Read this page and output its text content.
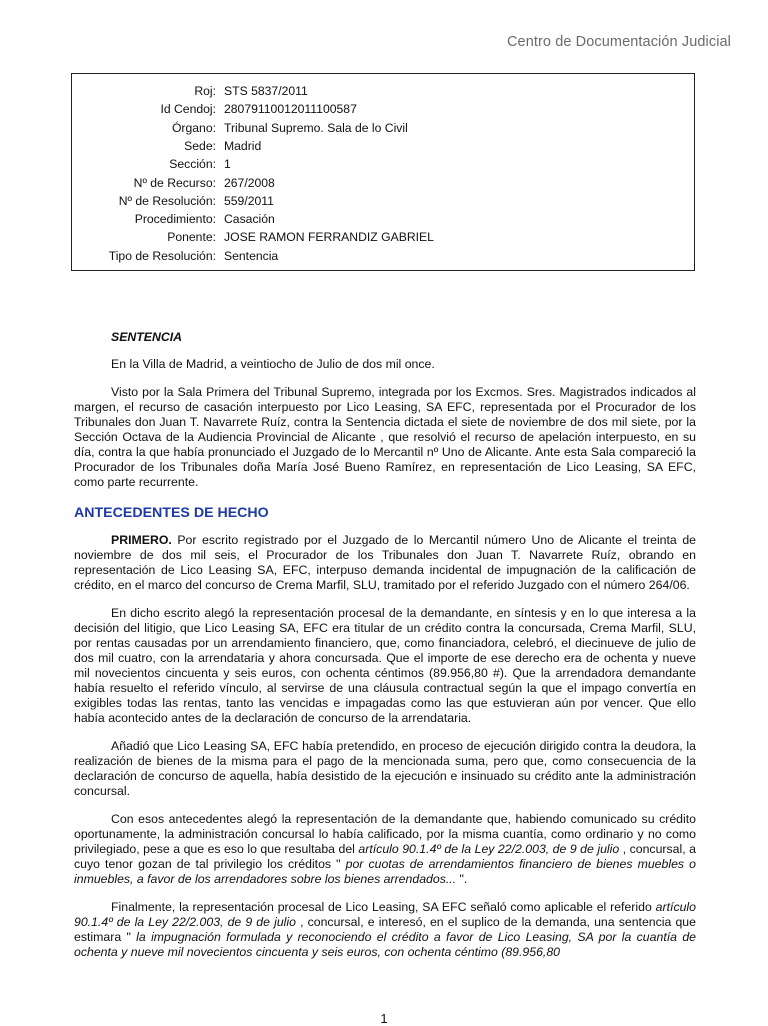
Centro de Documentación Judicial
Roj: STS 5837/2011
Id Cendoj: 28079110012011100587
Órgano: Tribunal Supremo. Sala de lo Civil
Sede: Madrid
Sección: 1
Nº de Recurso: 267/2008
Nº de Resolución: 559/2011
Procedimiento: Casación
Ponente: JOSE RAMON FERRANDIZ GABRIEL
Tipo de Resolución: Sentencia
SENTENCIA

En la Villa de Madrid, a veintiocho de Julio de dos mil once.

Visto por la Sala Primera del Tribunal Supremo, integrada por los Excmos. Sres. Magistrados indicados al margen, el recurso de casación interpuesto por Lico Leasing, SA EFC, representada por el Procurador de los Tribunales don Juan T. Navarrete Ruíz, contra la Sentencia dictada el siete de noviembre de dos mil siete, por la Sección Octava de la Audiencia Provincial de Alicante , que resolvió el recurso de apelación interpuesto, en su día, contra la que había pronunciado el Juzgado de lo Mercantil nº Uno de Alicante. Ante esta Sala compareció la Procurador de los Tribunales doña María José Bueno Ramírez, en representación de Lico Leasing, SA EFC, como parte recurrente.

ANTECEDENTES DE HECHO

PRIMERO. Por escrito registrado por el Juzgado de lo Mercantil número Uno de Alicante el treinta de noviembre de dos mil seis, el Procurador de los Tribunales don Juan T. Navarrete Ruíz, obrando en representación de Lico Leasing SA, EFC, interpuso demanda incidental de impugnación de la calificación de crédito, en el marco del concurso de Crema Marfil, SLU, tramitado por el referido Juzgado con el número 264/06.

En dicho escrito alegó la representación procesal de la demandante, en síntesis y en lo que interesa a la decisión del litigio, que Lico Leasing SA, EFC era titular de un crédito contra la concursada, Crema Marfil, SLU, por rentas causadas por un arrendamiento financiero, que, como financiadora, celebró, el diecinueve de julio de dos mil cuatro, con la arrendataria y ahora concursada. Que el importe de ese derecho era de ochenta y nueve mil novecientos cincuenta y seis euros, con ochenta céntimos (89.956,80 #). Que la arrendadora demandante había resuelto el referido vínculo, al servirse de una cláusula contractual según la que el impago convertía en exigibles todas las rentas, tanto las vencidas e impagadas como las que estuvieran aún por vencer. Que ello había acontecido antes de la declaración de concurso de la arrendataria.

Añadió que Lico Leasing SA, EFC había pretendido, en proceso de ejecución dirigido contra la deudora, la realización de bienes de la misma para el pago de la mencionada suma, pero que, como consecuencia de la declaración de concurso de aquella, había desistido de la ejecución e insinuado su crédito ante la administración concursal.

Con esos antecedentes alegó la representación de la demandante que, habiendo comunicado su crédito oportunamente, la administración concursal lo había calificado, por la misma cuantía, como ordinario y no como privilegiado, pese a que es eso lo que resultaba del artículo 90.1.4º de la Ley 22/2.003, de 9 de julio , concursal, a cuyo tenor gozan de tal privilegio los créditos " por cuotas de arrendamientos financiero de bienes muebles o inmuebles, a favor de los arrendadores sobre los bienes arrendados... ".

Finalmente, la representación procesal de Lico Leasing, SA EFC señaló como aplicable el referido artículo 90.1.4º de la Ley 22/2.003, de 9 de julio , concursal, e interesó, en el suplico de la demanda, una sentencia que estimara " la impugnación formulada y reconociendo el crédito a favor de Lico Leasing, SA por la cuantía de ochenta y nueve mil novecientos cincuenta y seis euros, con ochenta céntimo (89.956,80

1
